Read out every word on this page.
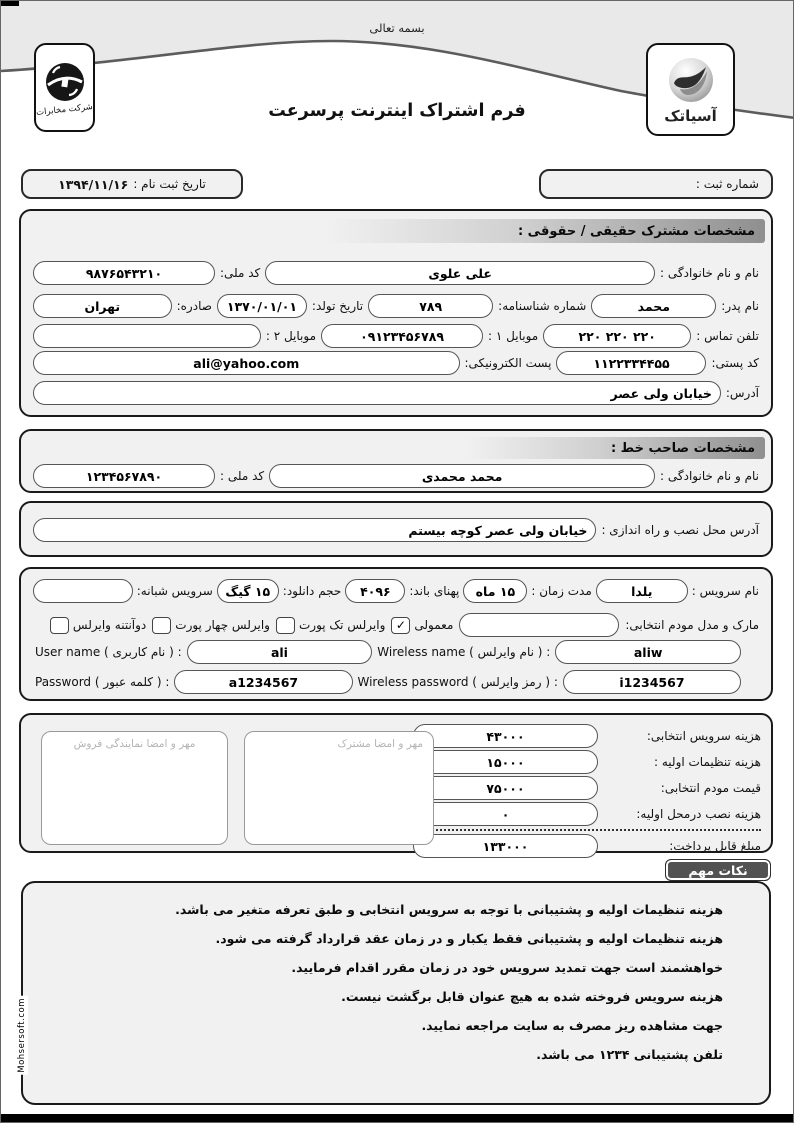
بسمه تعالی
فرم اشتراک اینترنت پرسرعت
شرکت مخابرات	آسیاتک
شماره ثبت :
تاریخ ثبت نام :
۱۳۹۴/۱۱/۱۶
مشخصات مشترک حقیقی / حقوقی :
نام و نام خانوادگی :
علی علوی
کد ملی:
۹۸۷۶۵۴۳۲۱۰
نام پدر:
محمد
شماره شناسنامه:
۷۸۹
تاریخ تولد:
۱۳۷۰/۰۱/۰۱
صادره:
تهران
تلفن تماس :
۲۲۰ ۲۲۰ ۲۲۰
موبایل ۱ :
۰۹۱۲۳۴۵۶۷۸۹
موبایل ۲ :
کد پستی:
۱۱۲۲۳۳۴۴۵۵
پست الکترونیکی:
ali@yahoo.com
آدرس:
خیابان ولی عصر
مشخصات صاحب خط :
نام و نام خانوادگی :
محمد محمدی
کد ملی :
۱۲۳۴۵۶۷۸۹۰
آدرس محل نصب و راه اندازی :
خیابان ولی عصر کوچه بیستم
نام سرویس :
یلدا
مدت زمان :
۱۵ ماه
پهنای باند:
۴۰۹۶
حجم دانلود:
۱۵ گیگ
سرویس شبانه:
مارک و مدل مودم انتخابی:
معمولی
✓
وایرلس تک پورت
وایرلس چهار پورت
دوآنتنه وایرلس
User name ( نام کاربری ) :	ali	Wireless name ( نام وایرلس ) :	aliw
Password ( کلمه عبور ) :	a1234567	Wireless password ( رمز وایرلس ) :	i1234567
هزینه سرویس انتخابی:
۴۳۰۰۰
هزینه تنظیمات اولیه :
۱۵۰۰۰
قیمت مودم انتخابی:
۷۵۰۰۰
هزینه نصب درمحل اولیه:
۰
مبلغ قابل پرداخت:
۱۳۳۰۰۰
مهر و امضا مشترک
مهر و امضا نمایندگی فروش
نکات مهم
هزینه تنظیمات اولیه و پشتیبانی با توجه به سرویس انتخابی و طبق تعرفه متغیر می باشد.
هزینه تنظیمات اولیه و پشتیبانی فقط یکبار و در زمان عقد قرارداد گرفته می شود.
خواهشمند است جهت تمدید سرویس خود در زمان مقرر اقدام فرمایید.
هزینه سرویس فروخته شده به هیچ عنوان قابل برگشت نیست.
جهت مشاهده ریز مصرف به سایت مراجعه نمایید.
تلفن پشتیبانی ۱۲۳۴ می باشد.
Mohsersoft.com
